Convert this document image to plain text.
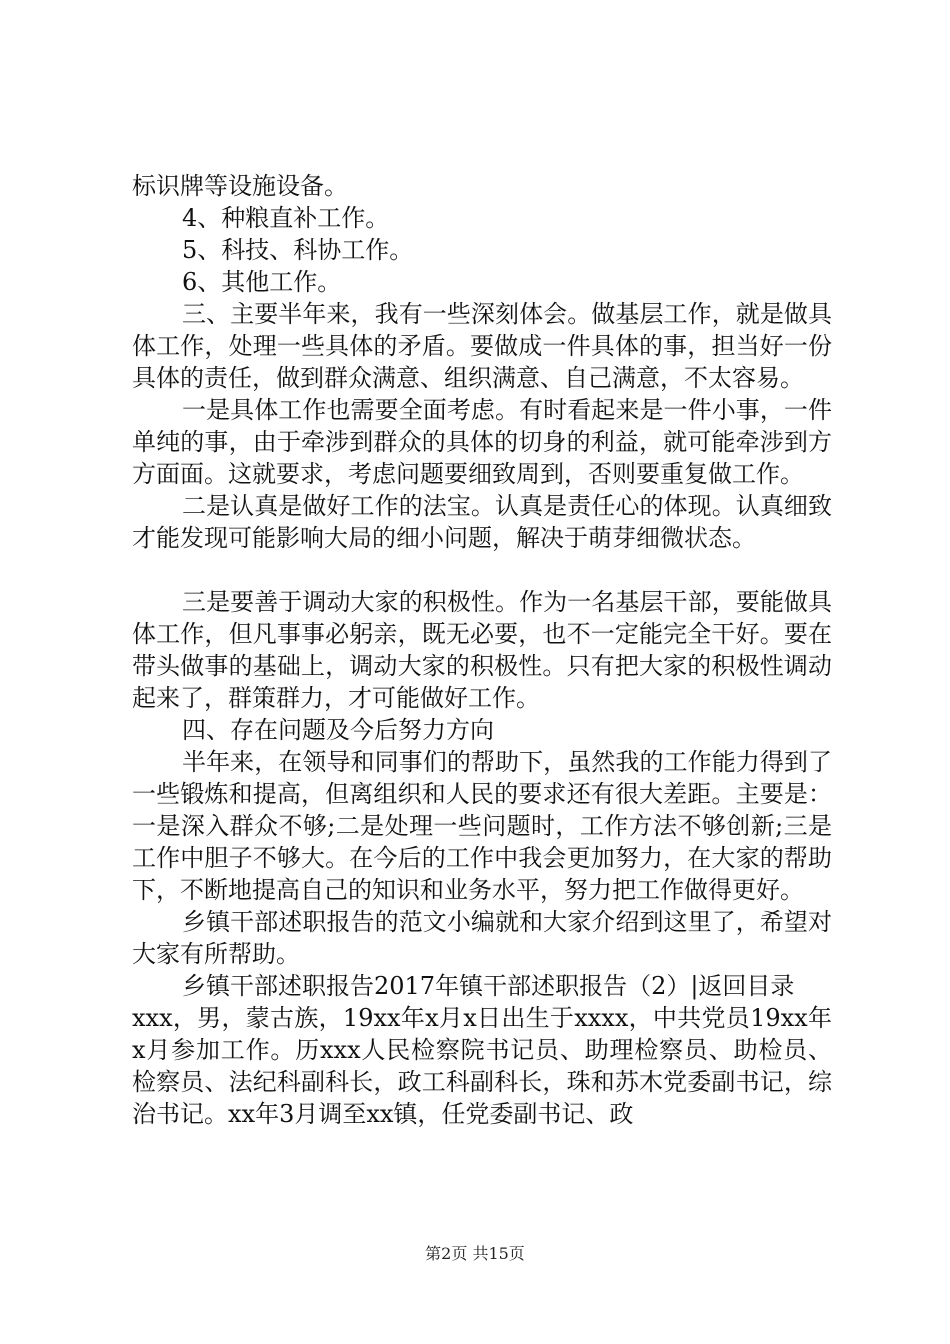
标识牌等设施设备。

4、种粮直补工作。

5、科技、科协工作。

6、其他工作。

三、主要半年来，我有一些深刻体会。做基层工作，就是做具体工作，处理一些具体的矛盾。要做成一件具体的事，担当好一份具体的责任，做到群众满意、组织满意、自己满意，不太容易。

一是具体工作也需要全面考虑。有时看起来是一件小事，一件单纯的事，由于牵涉到群众的具体的切身的利益，就可能牵涉到方方面面。这就要求，考虑问题要细致周到，否则要重复做工作。

二是认真是做好工作的法宝。认真是责任心的体现。认真细致才能发现可能影响大局的细小问题，解决于萌芽细微状态。

三是要善于调动大家的积极性。作为一名基层干部，要能做具体工作，但凡事事必躬亲，既无必要，也不一定能完全干好。要在带头做事的基础上，调动大家的积极性。只有把大家的积极性调动起来了，群策群力，才可能做好工作。

四、存在问题及今后努力方向

半年来，在领导和同事们的帮助下，虽然我的工作能力得到了一些锻炼和提高，但离组织和人民的要求还有很大差距。主要是：一是深入群众不够;二是处理一些问题时，工作方法不够创新;三是工作中胆子不够大。在今后的工作中我会更加努力，在大家的帮助下，不断地提高自己的知识和业务水平，努力把工作做得更好。

乡镇干部述职报告的范文小编就和大家介绍到这里了，希望对大家有所帮助。

乡镇干部述职报告2017年镇干部述职报告（2）|返回目录

xxx，男，蒙古族，19xx年x月x日出生于xxxx，中共党员19xx年x月参加工作。历xxx人民检察院书记员、助理检察员、助检员、检察员、法纪科副科长，政工科副科长，珠和苏木党委副书记，综治书记。xx年3月调至xx镇，任党委副书记、政

第2页 共15页
